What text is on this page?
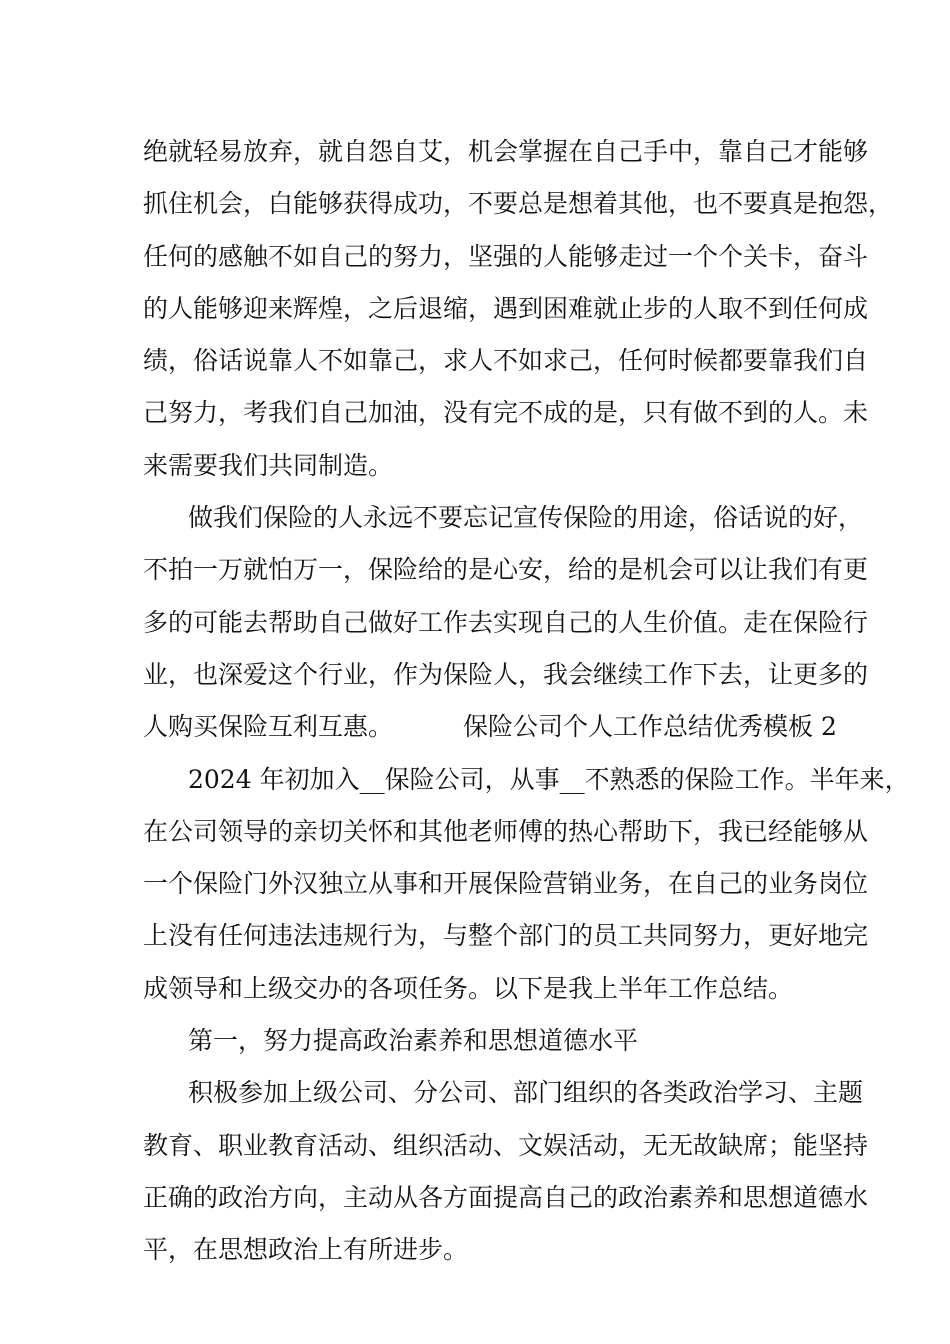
绝就轻易放弃，就自怨自艾，机会掌握在自己手中，靠自己才能够
抓住机会，白能够获得成功，不要总是想着其他，也不要真是抱怨，
任何的感触不如自己的努力，坚强的人能够走过一个个关卡，奋斗
的人能够迎来辉煌，之后退缩，遇到困难就止步的人取不到任何成
绩，俗话说靠人不如靠己，求人不如求己，任何时候都要靠我们自
己努力，考我们自己加油，没有完不成的是，只有做不到的人。未
来需要我们共同制造。
做我们保险的人永远不要忘记宣传保险的用途，俗话说的好，
不拍一万就怕万一，保险给的是心安，给的是机会可以让我们有更
多的可能去帮助自己做好工作去实现自己的人生价值。走在保险行
业，也深爱这个行业，作为保险人，我会继续工作下去，让更多的
人购买保险互利互惠。	保险公司个人工作总结优秀模板 2
2024 年初加入__保险公司，从事__不熟悉的保险工作。半年来，
在公司领导的亲切关怀和其他老师傅的热心帮助下，我已经能够从
一个保险门外汉独立从事和开展保险营销业务，在自己的业务岗位
上没有任何违法违规行为，与整个部门的员工共同努力，更好地完
成领导和上级交办的各项任务。以下是我上半年工作总结。
第一，努力提高政治素养和思想道德水平
积极参加上级公司、分公司、部门组织的各类政治学习、主题
教育、职业教育活动、组织活动、文娱活动，无无故缺席；能坚持
正确的政治方向，主动从各方面提高自己的政治素养和思想道德水
平，在思想政治上有所进步。
